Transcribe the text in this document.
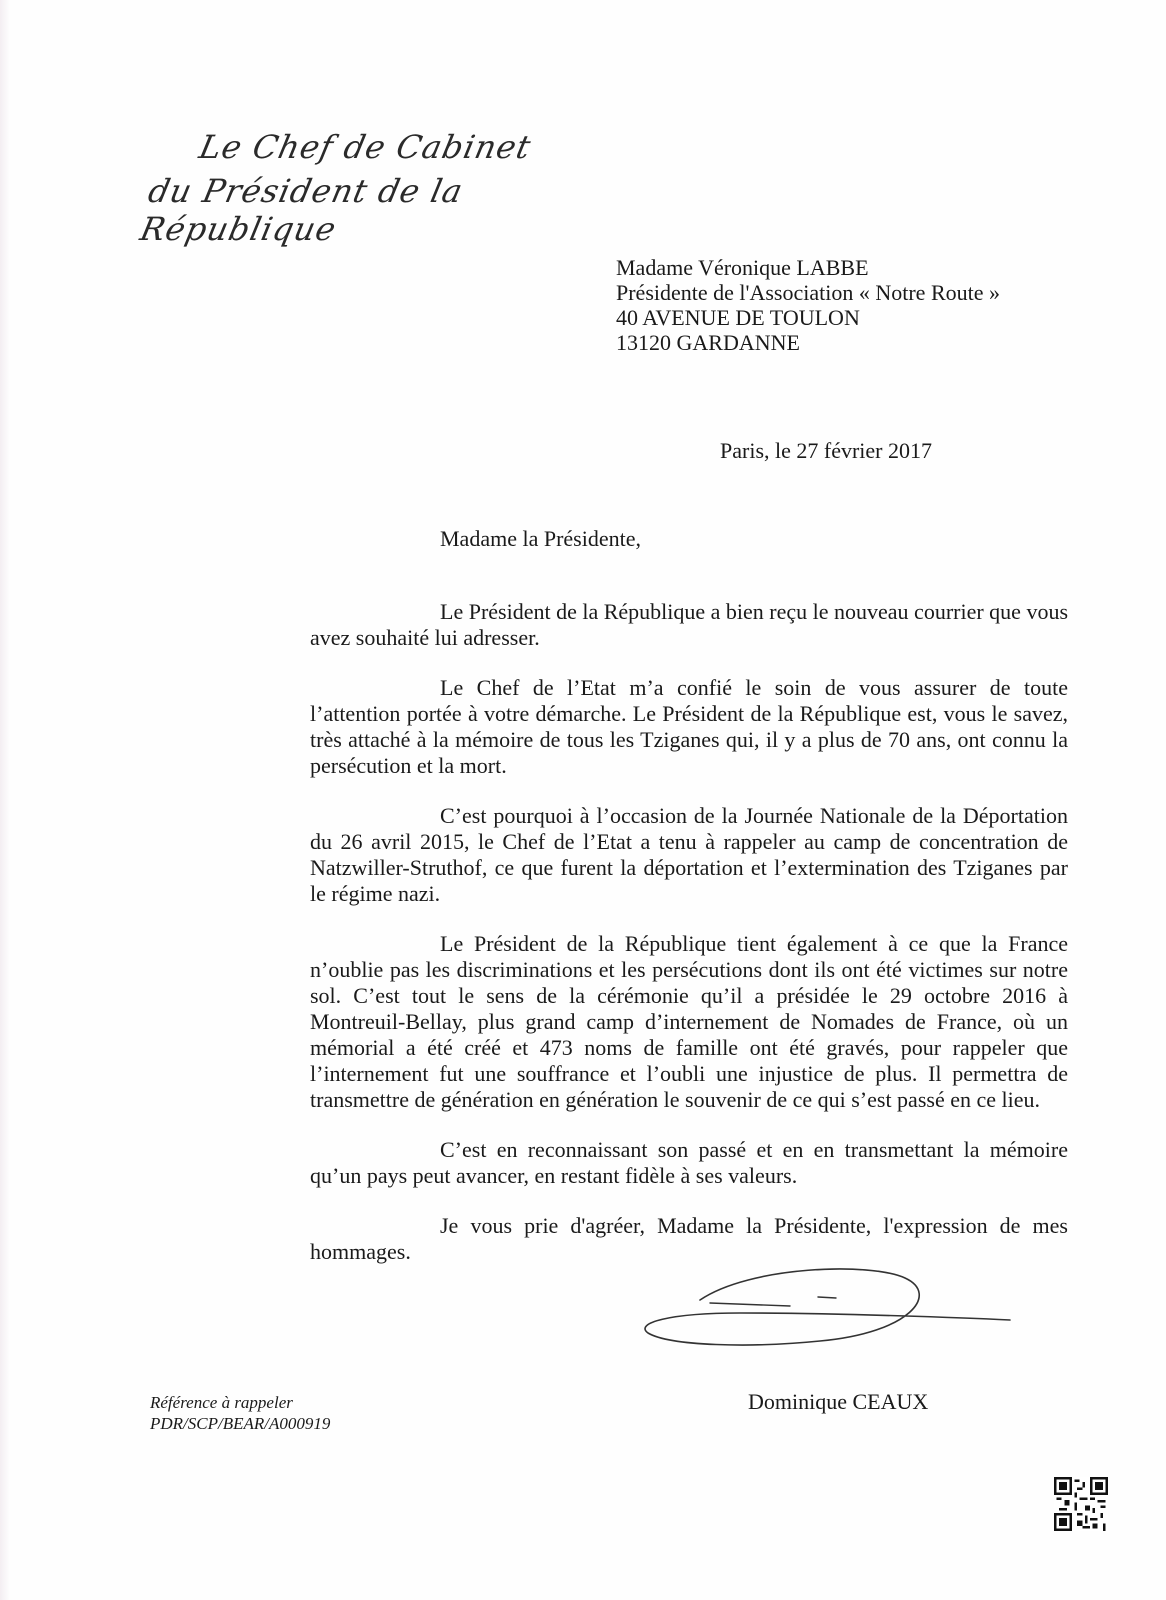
Le Chef de Cabinet
du Président de la République
Madame Véronique LABBE
Présidente de l'Association « Notre Route »
40 AVENUE DE TOULON
13120 GARDANNE
Paris, le 27 février 2017
Madame la Présidente,

Le Président de la République a bien reçu le nouveau courrier que vous avez souhaité lui adresser.

Le Chef de l’Etat m’a confié le soin de vous assurer de toute l’attention portée à votre démarche. Le Président de la République est, vous le savez, très attaché à la mémoire de tous les Tziganes qui, il y a plus de 70 ans, ont connu la persécution et la mort.

C’est pourquoi à l’occasion de la Journée Nationale de la Déportation du 26 avril 2015, le Chef de l’Etat a tenu à rappeler au camp de concentration de Natzwiller-Struthof, ce que furent la déportation et l’extermination des Tziganes par le régime nazi.

Le Président de la République tient également à ce que la France n’oublie pas les discriminations et les persécutions dont ils ont été victimes sur notre sol. C’est tout le sens de la cérémonie qu’il a présidée le 29 octobre 2016 à Montreuil-Bellay, plus grand camp d’internement de Nomades de France, où un mémorial a été créé et 473 noms de famille ont été gravés, pour rappeler que l’internement fut une souffrance et l’oubli une injustice de plus. Il permettra de transmettre de génération en génération le souvenir de ce qui s’est passé en ce lieu.

C’est en reconnaissant son passé et en en transmettant la mémoire qu’un pays peut avancer, en restant fidèle à ses valeurs.

Je vous prie d'agréer, Madame la Présidente, l'expression de mes hommages.

Dominique CEAUX
Référence à rappeler
PDR/SCP/BEAR/A000919
